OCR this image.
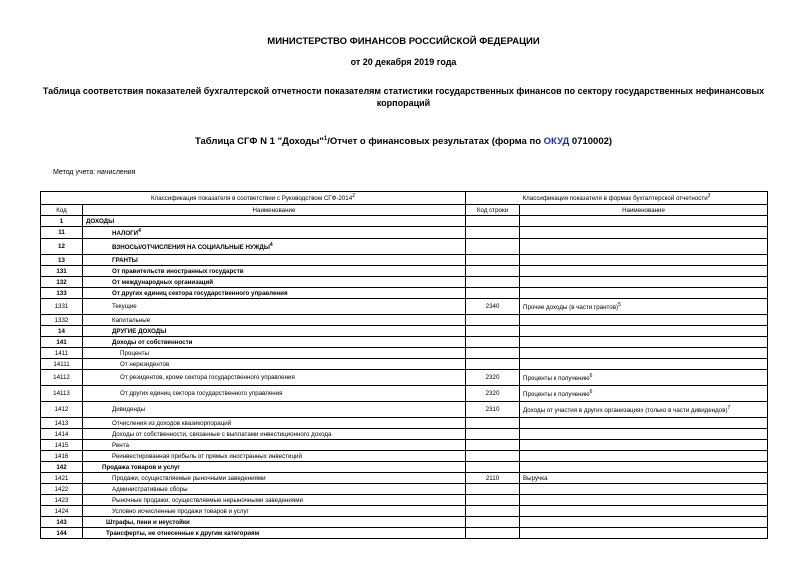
МИНИСТЕРСТВО ФИНАНСОВ РОССИЙСКОЙ ФЕДЕРАЦИИ
от 20 декабря 2019 года
Таблица соответствия показателей бухгалтерской отчетности показателям статистики государственных финансов по сектору государственных нефинансовых корпораций
Таблица СГФ N 1 "Доходы"$^1$/Отчет о финансовых результатах (форма по ОКУД 0710002)
Метод учета: начисления
Классификация показателя в соответствии с Руководством СГФ-2014$^2$		Классификация показателя в формах бухгалтерской отчетности$^3$
Код	Наименование	Код строки	Наименование
1	ДОХОДЫ		
11	НАЛОГИ$^4$		
12	ВЗНОСЫ/ОТЧИСЛЕНИЯ НА СОЦИАЛЬНЫЕ НУЖДЫ$^4$		
13	ГРАНТЫ		
131	От правительств иностранных государств		
132	От международных организаций		
133	От других единиц сектора государственного управления		
1331	Текущие	2340	Прочие доходы (в части грантов)$^5$
1332	Капитальные		
14	ДРУГИЕ ДОХОДЫ		
141	Доходы от собственности		
1411	Проценты		
14111	От нерезидентов		
14112	От резидентов, кроме сектора государственного управления	2320	Проценты к получению$^6$
14113	От других единиц сектора государственного управления	2320	Проценты к получению$^6$
1412	Дивиденды	2310	Доходы от участия в других организациях (только в части дивидендов)$^7$
1413	Отчисления из доходов квазикорпораций		
1414	Доходы от собственности, связанные с выплатами инвестиционного дохода		
1415	Рента		
1416	Реинвестированная прибыль от прямых иностранных инвестиций		
142	Продажа товаров и услуг		
1421	Продажи, осуществляемые рыночными заведениями	2110	Выручка
1422	Административные сборы		
1423	Рыночные продажи, осуществляемые нерыночными заведениями		
1424	Условно исчисленные продажи товаров и услуг		
143	Штрафы, пени и неустойки		
144	Трансферты, не отнесенные к другим категориям		
